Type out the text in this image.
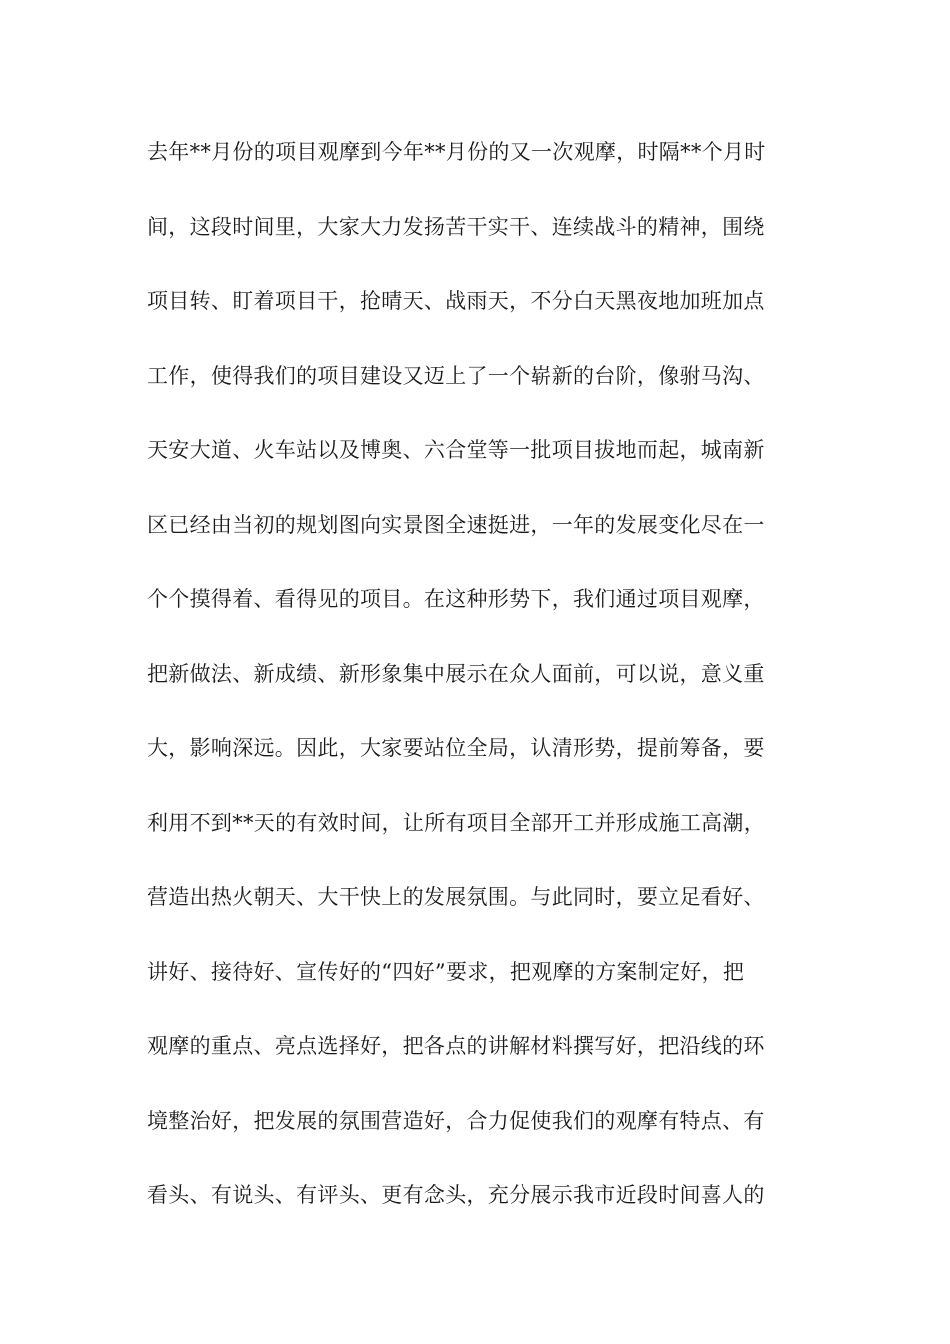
去年**月份的项目观摩到今年**月份的又一次观摩，时隔**个月时
间，这段时间里，大家大力发扬苦干实干、连续战斗的精神，围绕
项目转、盯着项目干，抢晴天、战雨天，不分白天黑夜地加班加点
工作，使得我们的项目建设又迈上了一个崭新的台阶，像驸马沟、
天安大道、火车站以及博奥、六合堂等一批项目拔地而起，城南新
区已经由当初的规划图向实景图全速挺进，一年的发展变化尽在一
个个摸得着、看得见的项目。在这种形势下，我们通过项目观摩，
把新做法、新成绩、新形象集中展示在众人面前，可以说，意义重
大，影响深远。因此，大家要站位全局，认清形势，提前筹备，要
利用不到**天的有效时间，让所有项目全部开工并形成施工高潮，
营造出热火朝天、大干快上的发展氛围。与此同时，要立足看好、
讲好、接待好、宣传好的“四好”要求，把观摩的方案制定好，把
观摩的重点、亮点选择好，把各点的讲解材料撰写好，把沿线的环
境整治好，把发展的氛围营造好，合力促使我们的观摩有特点、有
看头、有说头、有评头、更有念头，充分展示我市近段时间喜人的
